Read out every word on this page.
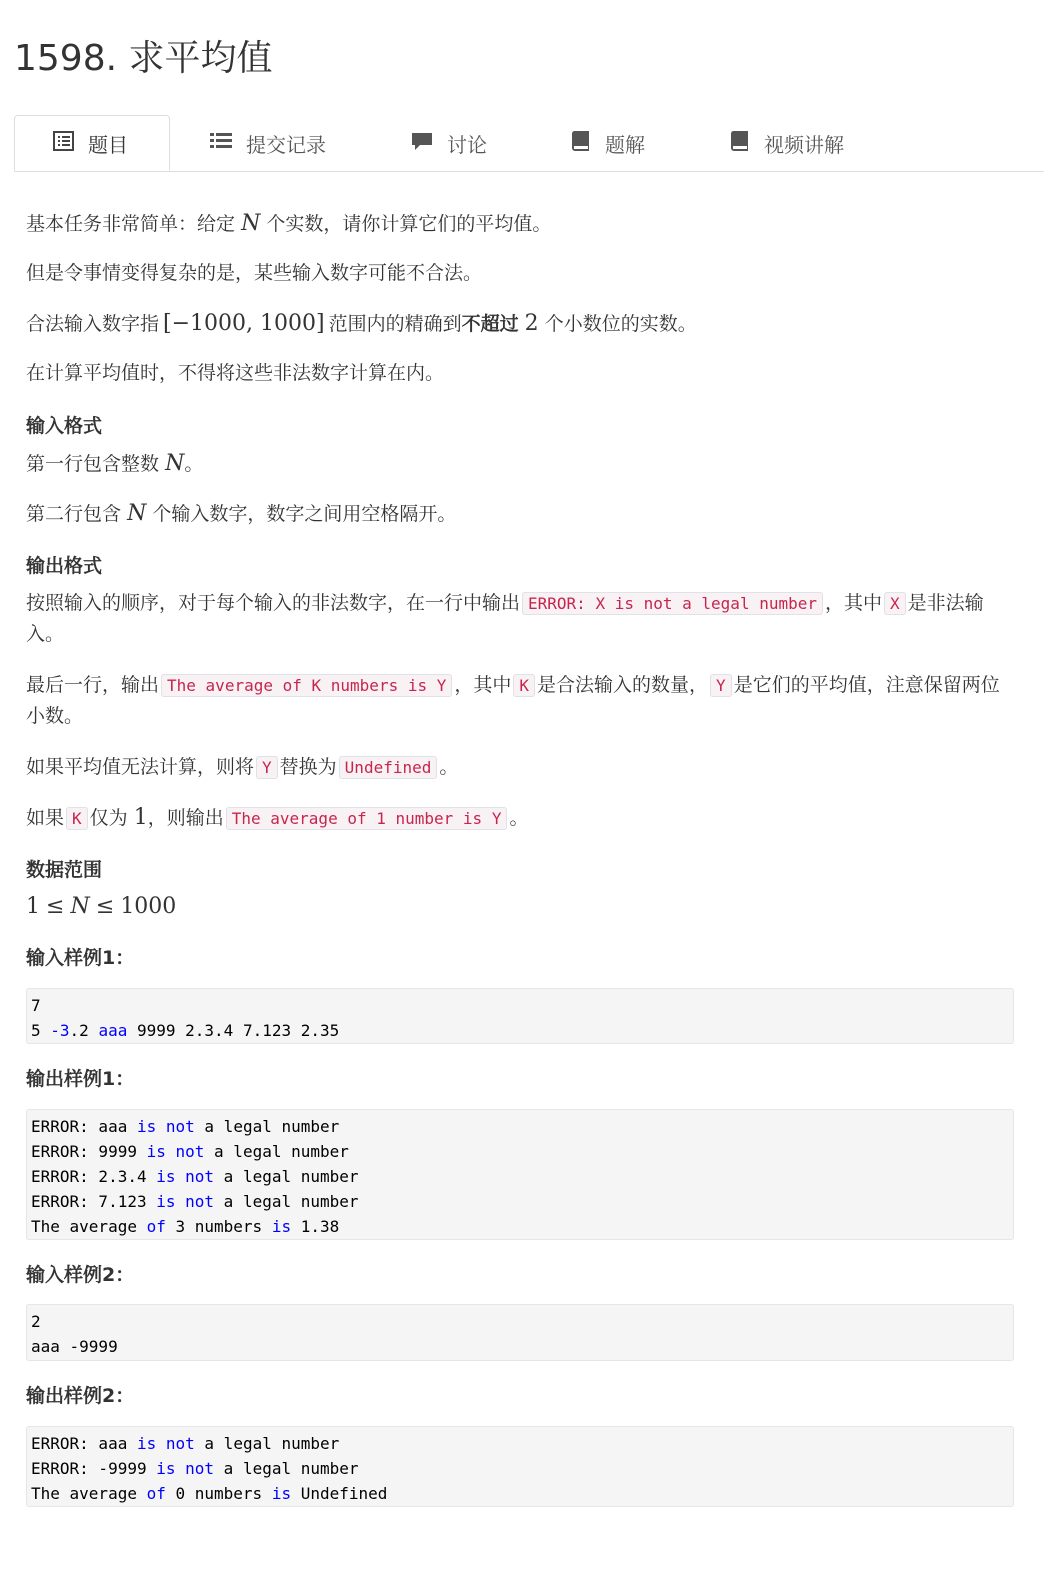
1598. 求平均值
题目	提交记录	讨论	题解	视频讲解

基本任务非常简单：给定 N 个实数，请你计算它们的平均值。

但是令事情变得复杂的是，某些输入数字可能不合法。

合法输入数字指 [−1000, 1000] 范围内的精确到不超过 2 个小数位的实数。

在计算平均值时，不得将这些非法数字计算在内。

输入格式

第一行包含整数 N。

第二行包含 N 个输入数字，数字之间用空格隔开。

输出格式

按照输入的顺序，对于每个输入的非法数字，在一行中输出 ERROR: X is not a legal number ，其中 X 是非法输入。

最后一行，输出 The average of K numbers is Y ，其中 K 是合法输入的数量， Y 是它们的平均值，注意保留两位小数。

如果平均值无法计算，则将 Y 替换为 Undefined 。

如果 K 仅为 1，则输出 The average of 1 number is Y 。

数据范围

1 ≤ N ≤ 1000

输入样例1：

7
5 -3.2 aaa 9999 2.3.4 7.123 2.35

输出样例1：

ERROR: aaa is not a legal number
ERROR: 9999 is not a legal number
ERROR: 2.3.4 is not a legal number
ERROR: 7.123 is not a legal number
The average of 3 numbers is 1.38

输入样例2：

2
aaa -9999

输出样例2：

ERROR: aaa is not a legal number
ERROR: -9999 is not a legal number
The average of 0 numbers is Undefined
